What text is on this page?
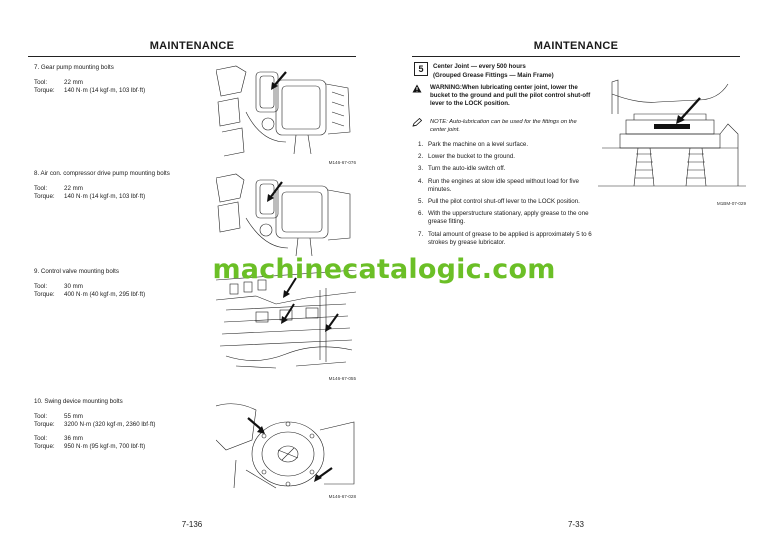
MAINTENANCE
7. Gear pump mounting bolts
Tool:	22 mm
Torque:	140 N·m (14 kgf·m, 103 lbf·ft)
M146-67-076
8. Air con. compressor drive pump mounting bolts
Tool:	22 mm
Torque:	140 N·m (14 kgf·m, 103 lbf·ft)
9. Control valve mounting bolts
Tool:	30 mm
Torque:	400 N·m (40 kgf·m, 295 lbf·ft)
M146-67-055
10. Swing device mounting bolts
Tool:	55 mm
Torque:	3200 N·m (320 kgf·m, 2360 lbf·ft)
Tool:	36 mm
Torque:	950 N·m (95 kgf·m, 700 lbf·ft)
M146-67-028
7-136
MAINTENANCE
5	Center Joint — every 500 hours
(Grouped Grease Fittings — Main Frame)
WARNING:When lubricating center joint, lower the bucket to the ground and pull the pilot control shut-off lever to the LOCK position.
NOTE: Auto-lubrication can be used for the fittings on the center joint.
1. Park the machine on a level surface.
2. Lower the bucket to the ground.
3. Turn the auto-idle switch off.
4. Run the engines at slow idle speed without load for five minutes.
5. Pull the pilot control shut-off lever to the LOCK position.
6. With the upperstructure stationary, apply grease to the one grease fitting.
7. Total amount of grease to be applied is approximately 5 to 6 strokes by grease lubricator.
M1BM-07-029
7-33
machinecatalogic.com
